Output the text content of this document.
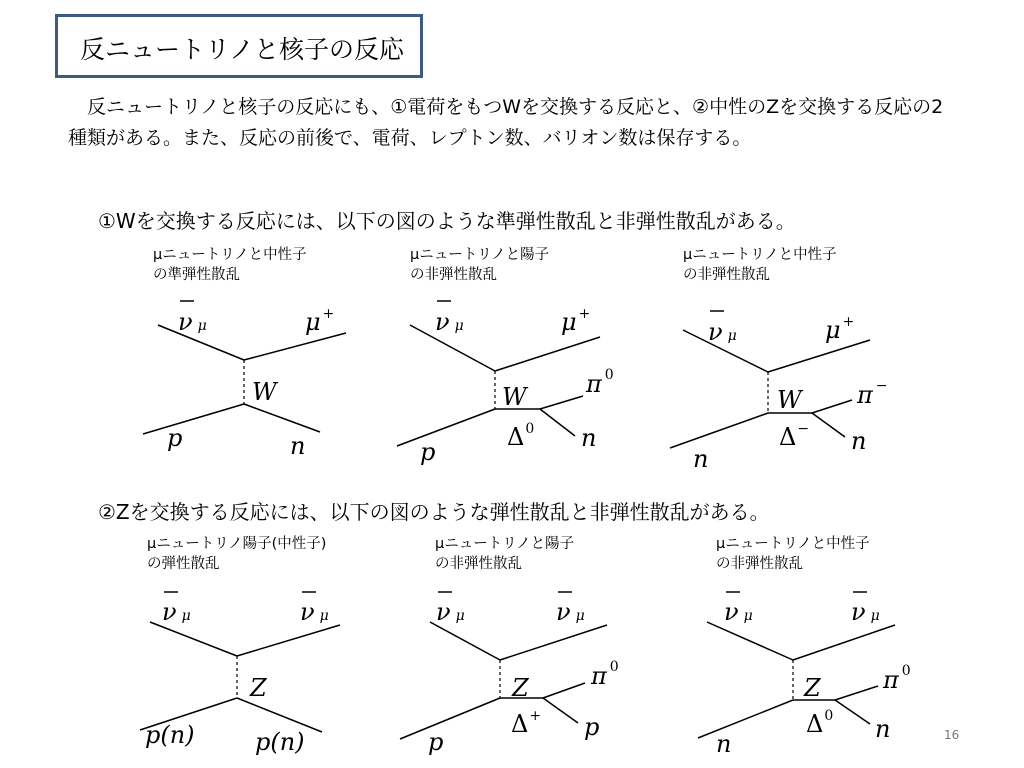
反ニュートリノと核子の反応

反ニュートリノと核子の反応にも、①電荷をもつWを交換する反応と、②中性のZを交換する反応の2種類がある。また、反応の前後で、電荷、レプトン数、バリオン数は保存する。

①Wを交換する反応には、以下の図のような準弾性散乱と非弾性散乱がある。
μニュートリノと中性子
の準弾性散乱
μニュートリノと陽子
の非弾性散乱
μニュートリノと中性子
の非弾性散乱
②Zを交換する反応には、以下の図のような弾性散乱と非弾性散乱がある。
μニュートリノ陽子(中性子)
の弾性散乱
μニュートリノと陽子
の非弾性散乱
μニュートリノと中性子
の非弾性散乱
νμ	μ +
W
p	n
νμ	μ +
W
p
$\Delta^0$
π $^0$
n
νμ	μ +
W
n
Δ−
π −
n
νμ	νμ
Z
p(n)	p(n)
νμ	νμ
Z
p
Δ+
π $^0$
p
νμ	νμ
Z
n
$\Delta^0$
π $^0$
n	16
